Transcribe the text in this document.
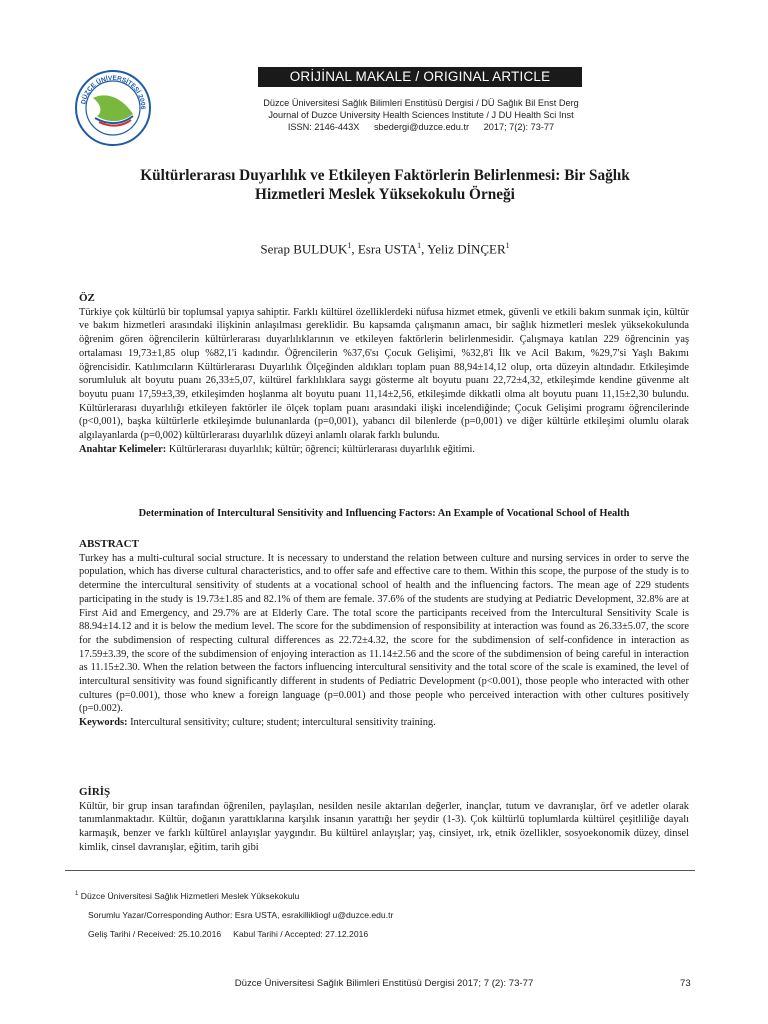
DÜZCE ÜNİVERSİTESİ 2006
ORİJİNAL MAKALE / ORIGINAL ARTICLE
Düzce Üniversitesi Sağlık Bilimleri Enstitüsü Dergisi / DÜ Sağlık Bil Enst Derg
Journal of Duzce University Health Sciences Institute / J DU Health Sci Inst
ISSN: 2146-443X sbedergi@duzce.edu.tr 2017; 7(2): 73-77
Kültürlerarası Duyarlılık ve Etkileyen Faktörlerin Belirlenmesi: Bir Sağlık
Hizmetleri Meslek Yüksekokulu Örneği
Serap BULDUK$^1$, Esra USTA$^1$, Yeliz DİNÇER$^1$
ÖZ
Türkiye çok kültürlü bir toplumsal yapıya sahiptir. Farklı kültürel özelliklerdeki nüfusa hizmet etmek, güvenli ve etkili bakım sunmak için, kültür ve bakım hizmetleri arasındaki ilişkinin anlaşılması gereklidir. Bu kapsamda çalışmanın amacı, bir sağlık hizmetleri meslek yüksekokulunda öğrenim gören öğrencilerin kültürlerarası duyarlılıklarının ve etkileyen faktörlerin belirlenmesidir. Çalışmaya katılan 229 öğrencinin yaş ortalaması 19,73±1,85 olup %82,1'i kadındır. Öğrencilerin %37,6'sı Çocuk Gelişimi, %32,8'i İlk ve Acil Bakım, %29,7'si Yaşlı Bakımı öğrencisidir. Katılımcıların Kültürlerarası Duyarlılık Ölçeğinden aldıkları toplam puan 88,94±14,12 olup, orta düzeyin altındadır. Etkileşimde sorumluluk alt boyutu puanı 26,33±5,07, kültürel farklılıklara saygı gösterme alt boyutu puanı 22,72±4,32, etkileşimde kendine güvenme alt boyutu puanı 17,59±3,39, etkileşimden hoşlanma alt boyutu puanı 11,14±2,56, etkileşimde dikkatli olma alt boyutu puanı 11,15±2,30 bulundu. Kültürlerarası duyarlılığı etkileyen faktörler ile ölçek toplam puanı arasındaki ilişki incelendiğinde; Çocuk Gelişimi programı öğrencilerinde (p<0,001), başka kültürlerle etkileşimde bulunanlarda (p=0,001), yabancı dil bilenlerde (p=0,001) ve diğer kültürle etkileşimi olumlu olarak algılayanlarda (p=0,002) kültürlerarası duyarlılık düzeyi anlamlı olarak farklı bulundu.
Anahtar Kelimeler: Kültürlerarası duyarlılık; kültür; öğrenci; kültürlerarası duyarlılık eğitimi.
Determination of Intercultural Sensitivity and Influencing Factors: An Example of Vocational School of Health
ABSTRACT
Turkey has a multi-cultural social structure. It is necessary to understand the relation between culture and nursing services in order to serve the population, which has diverse cultural characteristics, and to offer safe and effective care to them. Within this scope, the purpose of the study is to determine the intercultural sensitivity of students at a vocational school of health and the influencing factors. The mean age of 229 students participating in the study is 19.73±1.85 and 82.1% of them are female. 37.6% of the students are studying at Pediatric Development, 32.8% are at First Aid and Emergency, and 29.7% are at Elderly Care. The total score the participants received from the Intercultural Sensitivity Scale is 88.94±14.12 and it is below the medium level. The score for the subdimension of responsibility at interaction was found as 26.33±5.07, the score for the subdimension of respecting cultural differences as 22.72±4.32, the score for the subdimension of self-confidence in interaction as 17.59±3.39, the score of the subdimension of enjoying interaction as 11.14±2.56 and the score of the subdimension of being careful in interaction as 11.15±2.30. When the relation between the factors influencing intercultural sensitivity and the total score of the scale is examined, the level of intercultural sensitivity was found significantly different in students of Pediatric Development (p<0.001), those people who interacted with other cultures (p=0.001), those who knew a foreign language (p=0.001) and those people who perceived interaction with other cultures positively (p=0.002).
Keywords: Intercultural sensitivity; culture; student; intercultural sensitivity training.
GİRİŞ
Kültür, bir grup insan tarafından öğrenilen, paylaşılan, nesilden nesile aktarılan değerler, inançlar, tutum ve davranışlar, örf ve adetler olarak tanımlanmaktadır. Kültür, doğanın yarattıklarına karşılık insanın yarattığı her şeydir (1-3). Çok kültürlü toplumlarda kültürel çeşitliliğe dayalı karmaşık, benzer ve farklı kültürel anlayışlar yaygındır. Bu kültürel anlayışlar; yaş, cinsiyet, ırk, etnik özellikler, sosyoekonomik düzey, dinsel kimlik, cinsel davranışlar, eğitim, tarih gibi
$^1$ Düzce Üniversitesi Sağlık Hizmetleri Meslek Yüksekokulu
Sorumlu Yazar/Corresponding Author: Esra USTA, esrakillikliogl u@duzce.edu.tr
Geliş Tarihi / Received: 25.10.2016 Kabul Tarihi / Accepted: 27.12.2016
Düzce Üniversitesi Sağlık Bilimleri Enstitüsü Dergisi 2017; 7 (2): 73-77	73
